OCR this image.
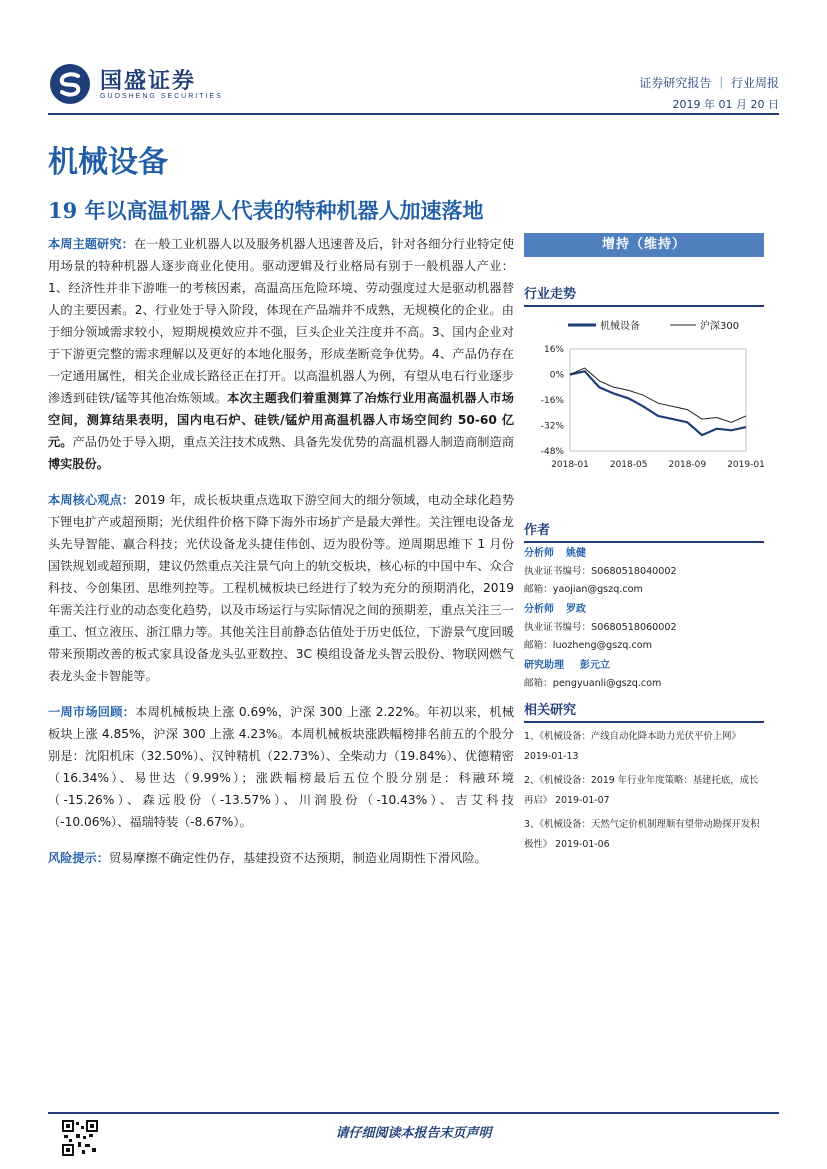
国盛证券
GUOSHENG SECURITIES
证券研究报告 ｜ 行业周报
2019 年 01 月 20 日
机械设备
19 年以高温机器人代表的特种机器人加速落地

本周主题研究：在一般工业机器人以及服务机器人迅速普及后，针对各细分行业特定使用场景的特种机器人逐步商业化使用。驱动逻辑及行业格局有别于一般机器人产业：1、经济性并非下游唯一的考核因素，高温高压危险环境、劳动强度过大是驱动机器替人的主要因素。2、行业处于导入阶段，体现在产品端并不成熟，无规模化的企业。由于细分领域需求较小，短期规模效应并不强，巨头企业关注度并不高。3、国内企业对于下游更完整的需求理解以及更好的本地化服务，形成垄断竞争优势。4、产品仍存在一定通用属性，相关企业成长路径正在打开。以高温机器人为例，有望从电石行业逐步渗透到硅铁/锰等其他冶炼领域。本次主题我们着重测算了冶炼行业用高温机器人市场空间，测算结果表明，国内电石炉、硅铁/锰炉用高温机器人市场空间约 50-60 亿元。产品仍处于导入期，重点关注技术成熟、具备先发优势的高温机器人制造商制造商博实股份。

本周核心观点：2019 年，成长板块重点选取下游空间大的细分领域，电动全球化趋势下锂电扩产或超预期；光伏组件价格下降下海外市场扩产是最大弹性。关注锂电设备龙头先导智能、赢合科技；光伏设备龙头捷佳伟创、迈为股份等。逆周期思维下 1 月份国铁规划或超预期，建议仍然重点关注景气向上的轨交板块，核心标的中国中车、众合科技、今创集团、思维列控等。工程机械板块已经进行了较为充分的预期消化，2019 年需关注行业的动态变化趋势，以及市场运行与实际情况之间的预期差，重点关注三一重工、恒立液压、浙江鼎力等。其他关注目前静态估值处于历史低位，下游景气度回暖带来预期改善的板式家具设备龙头弘亚数控、3C 模组设备龙头智云股份、物联网燃气表龙头金卡智能等。

一周市场回顾：本周机械板块上涨 0.69%，沪深 300 上涨 2.22%。年初以来，机械板块上涨 4.85%，沪深 300 上涨 4.23%。本周机械板块涨跌幅榜排名前五的个股分别是：沈阳机床（32.50%）、汉钟精机（22.73%）、全柴动力（19.84%）、优德精密（16.34%）、易世达（9.99%）；涨跌幅榜最后五位个股分别是：科融环境（-15.26%）、森远股份（-13.57%）、川润股份（-10.43%）、吉艾科技（-10.06%）、福瑞特装（-8.67%）。

风险提示：贸易摩擦不确定性仍存，基建投资不达预期，制造业周期性下滑风险。

增持（维持）
行业走势
机械设备	沪深300
16%
0%
-16%
-32%
-48%
2018-01 2018-05 2018-09 2019-01
作者
分析师 姚健
执业证书编号：S0680518040002
邮箱：yaojian@gszq.com
分析师 罗政
执业证书编号：S0680518060002
邮箱：luozheng@gszq.com
研究助理 彭元立
邮箱：pengyuanli@gszq.com
相关研究
1、《机械设备：产线自动化降本助力光伏平价上网》
2019-01-13
2、《机械设备：2019 年行业年度策略：基建托底，成长再启》 2019-01-07
3、《机械设备：天然气定价机制理顺有望带动勘探开发积极性》 2019-01-06
请仔细阅读本报告末页声明
